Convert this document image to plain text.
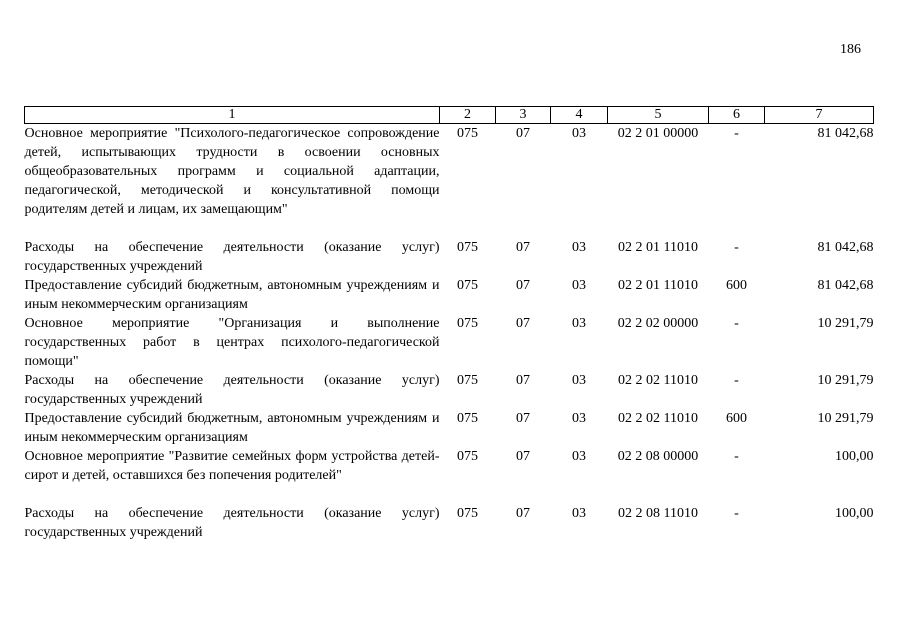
186
1	2	3	4	5	6	7
Основное мероприятие "Психолого-педагогическое сопровождение детей, испытывающих трудности в освоении основных общеобразовательных программ и социальной адаптации, педагогической, методической и консультативной помощи родителям детей и лицам, их замещающим"	075	07	03	02 2 01 00000	-	81 042,68
Расходы на обеспечение деятельности (оказание услуг) государственных учреждений	075	07	03	02 2 01 11010	-	81 042,68
Предоставление субсидий бюджетным, автономным учреждениям и иным некоммерческим организациям	075	07	03	02 2 01 11010	600	81 042,68
Основное мероприятие "Организация и выполнение государственных работ в центрах психолого-педагогической помощи"	075	07	03	02 2 02 00000	-	10 291,79
Расходы на обеспечение деятельности (оказание услуг) государственных учреждений	075	07	03	02 2 02 11010	-	10 291,79
Предоставление субсидий бюджетным, автономным учреждениям и иным некоммерческим организациям	075	07	03	02 2 02 11010	600	10 291,79
Основное мероприятие "Развитие семейных форм устройства детей-сирот и детей, оставшихся без попечения родителей"	075	07	03	02 2 08 00000	-	100,00
Расходы на обеспечение деятельности (оказание услуг) государственных учреждений	075	07	03	02 2 08 11010	-	100,00
